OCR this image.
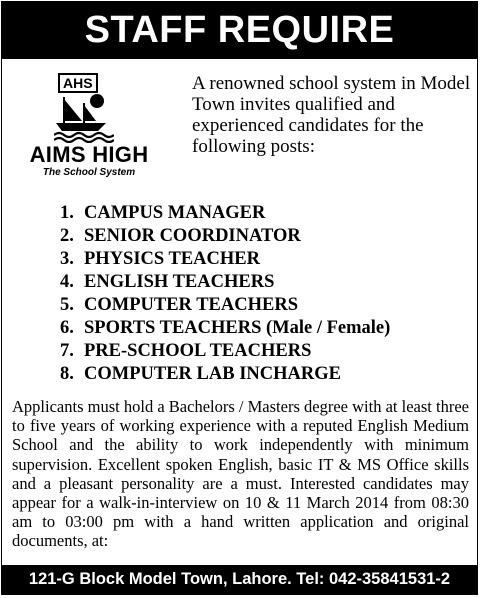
STAFF REQUIRE
AHS
AIMS HIGH
The School System
A renowned school system in Model Town invites qualified and experienced candidates for the following posts:
1. CAMPUS MANAGER
2. SENIOR COORDINATOR
3. PHYSICS TEACHER
4. ENGLISH TEACHERS
5. COMPUTER TEACHERS
6. SPORTS TEACHERS (Male / Female)
7. PRE-SCHOOL TEACHERS
8. COMPUTER LAB INCHARGE
Applicants must hold a Bachelors / Masters degree with at least three to five years of working experience with a reputed English Medium School and the ability to work independently with minimum supervision. Excellent spoken English, basic IT & MS Office skills and a pleasant personality are a must. Interested candidates may appear for a walk-in-interview on 10 & 11 March 2014 from 08:30 am to 03:00 pm with a hand written application and original documents, at:
121-G Block Model Town, Lahore. Tel: 042-35841531-2
